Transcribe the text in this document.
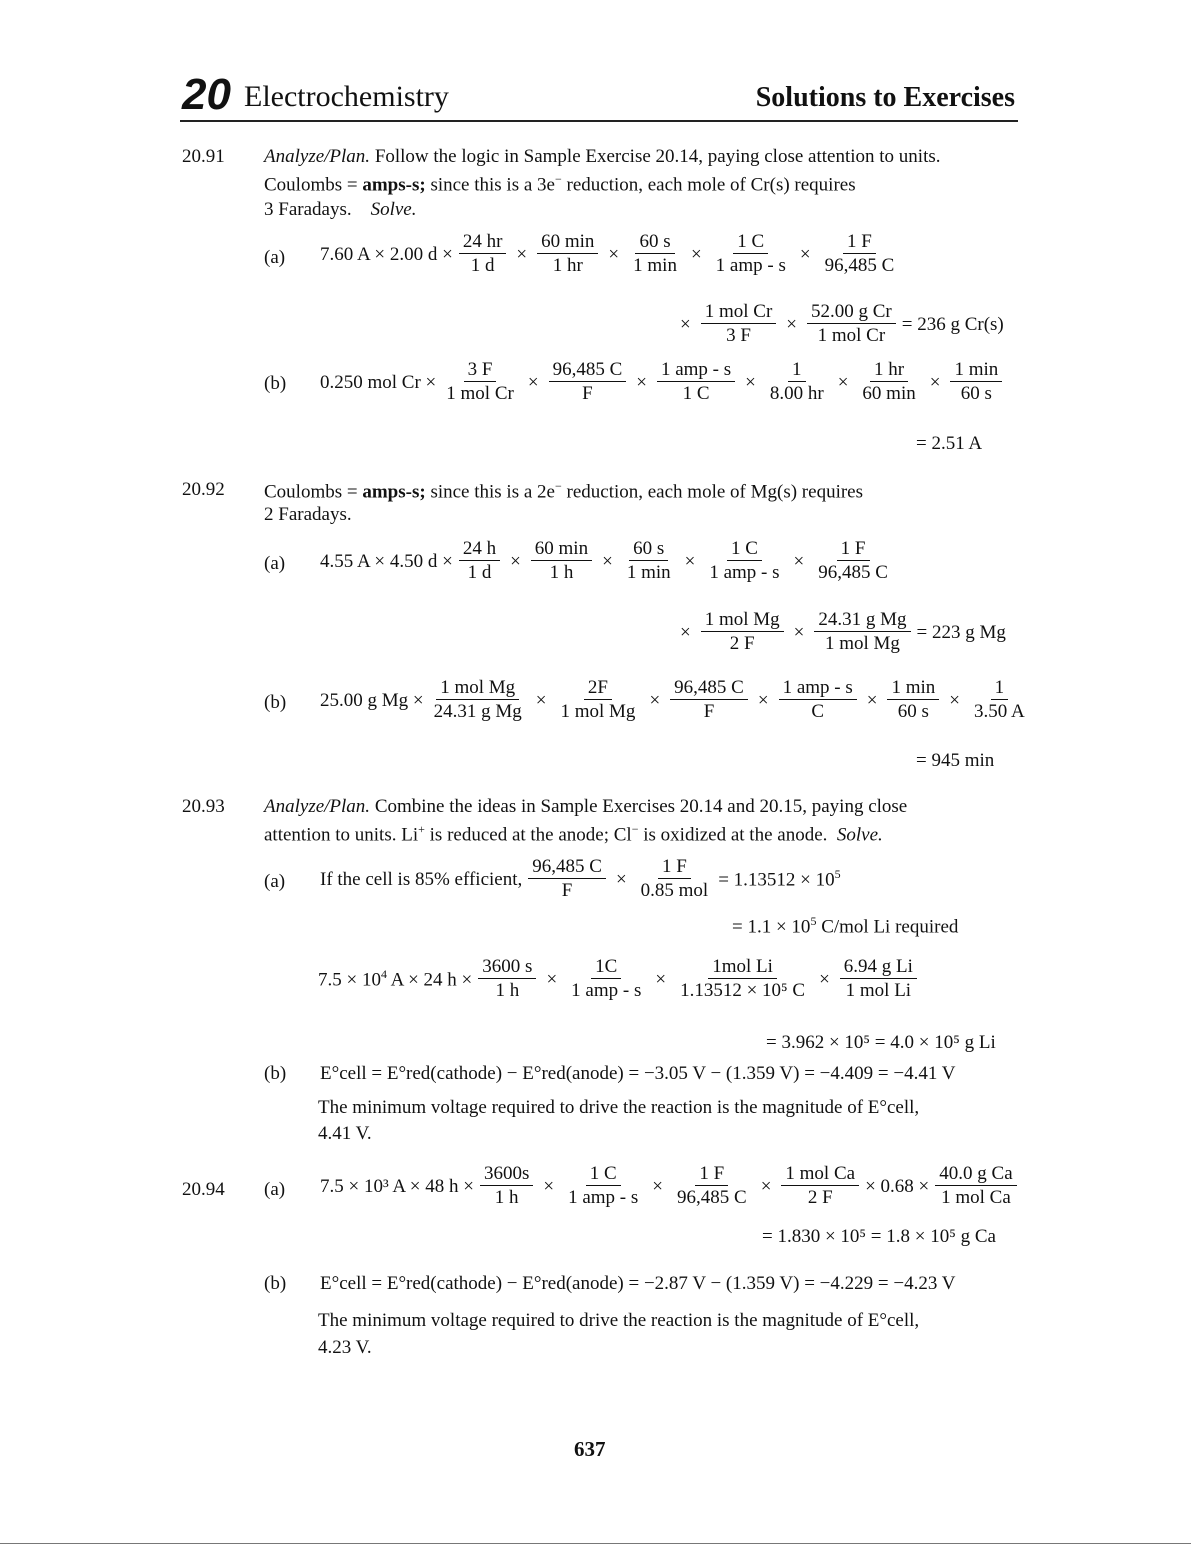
20 Electrochemistry	Solutions to Exercises
20.91 Analyze/Plan. Follow the logic in Sample Exercise 20.14, paying close attention to units.
Coulombs = amps-s; since this is a 3e− reduction, each mole of Cr(s) requires
3 Faradays. Solve.
(a) 7.60 A × 2.00 $d \times \frac{24 hr}{1 d} \times \frac{60 \min}{1 hr} \times \frac{60 s}{1 \min} \times \frac{1 C}{\text{1 amp - s}} \times \frac{1 F}{96,485 C}$
× $\frac{\text{1 mol Cr}}{3 F} \times \frac{\text{52.00 g Cr}}{\text{1 mol Cr}} = 236$ g Cr(s)
(b) 0.250 mol $Cr \times \frac{3 F}{\text{1 mol Cr}} \times \frac{96,485 C}{F} \times \frac{\text{1 amp - s}}{1 C} \times \frac{1}{8.00 hr} \times \frac{1 hr}{60 \min} \times \frac{1 \min}{60 s}$
= 2.51 A
20.92 Coulombs = amps-s; since this is a 2e− reduction, each mole of Mg(s) requires
2 Faradays.
(a) 4.55 A × 4.50 $d \times \frac{24 h}{1 d} \times \frac{60 \min}{1 h} \times \frac{60 s}{1 \min} \times \frac{1 C}{\text{1 amp - s}} \times \frac{1 F}{96,485 C}$
× $\frac{\text{1 mol Mg}}{2 F} \times \frac{\text{24.31 g Mg}}{\text{1 mol Mg}} = 223$ g Mg
(b) 25.00 g $Mg \times \frac{\text{1 mol Mg}}{\text{24.31 g Mg}} \times \frac{2F}{\text{1 mol Mg}} \times \frac{96,485 C}{F} \times \frac{\text{1 amp - s}}{C} \times \frac{1 \min}{60 s} \times \frac{1}{3.50 A}$
= 945 min
20.93 Analyze/Plan. Combine the ideas in Sample Exercises 20.14 and 20.15, paying close
attention to units. Li+ is reduced at the anode; Cl− is oxidized at the anode. Solve.
(a) If the cell is 85% efficient, $\frac{96,485 C}{F} \times \frac{1 F}{\text{0.85 mol}} = 1.13512 \times 10^5$
= $1.1 \times 10^5$ C/mol Li required
$7.5 \times 10^4$ A × 24 $h \times \frac{3600 s}{1 h} \times \frac{1C}{\text{1 amp - s}} \times \frac{\text{1mol Li}}{\text{1.13512 × 10⁵ C}} \times \frac{\text{6.94 g Li}}{\text{1 mol Li}}$
= 3.962 × 10⁵ = 4.0 × 10⁵ g Li
(b) E°cell = E°red(cathode) − E°red(anode) = −3.05 V − (1.359 V) = −4.409 = −4.41 V
The minimum voltage required to drive the reaction is the magnitude of E°cell,
4.41 V.
20.94 (a) 7.5 × 10³ A × 48 $h \times \frac{3600s}{1 h} \times \frac{1 C}{\text{1 amp - s}} \times \frac{1 F}{96,485 C} \times \frac{\text{1 mol Ca}}{2 F} \times 0.68 \times \frac{\text{40.0 g Ca}}{\text{1 mol Ca}}$
= 1.830 × 10⁵ = 1.8 × 10⁵ g Ca
(b) E°cell = E°red(cathode) − E°red(anode) = −2.87 V − (1.359 V) = −4.229 = −4.23 V
The minimum voltage required to drive the reaction is the magnitude of E°cell,
4.23 V.
637
